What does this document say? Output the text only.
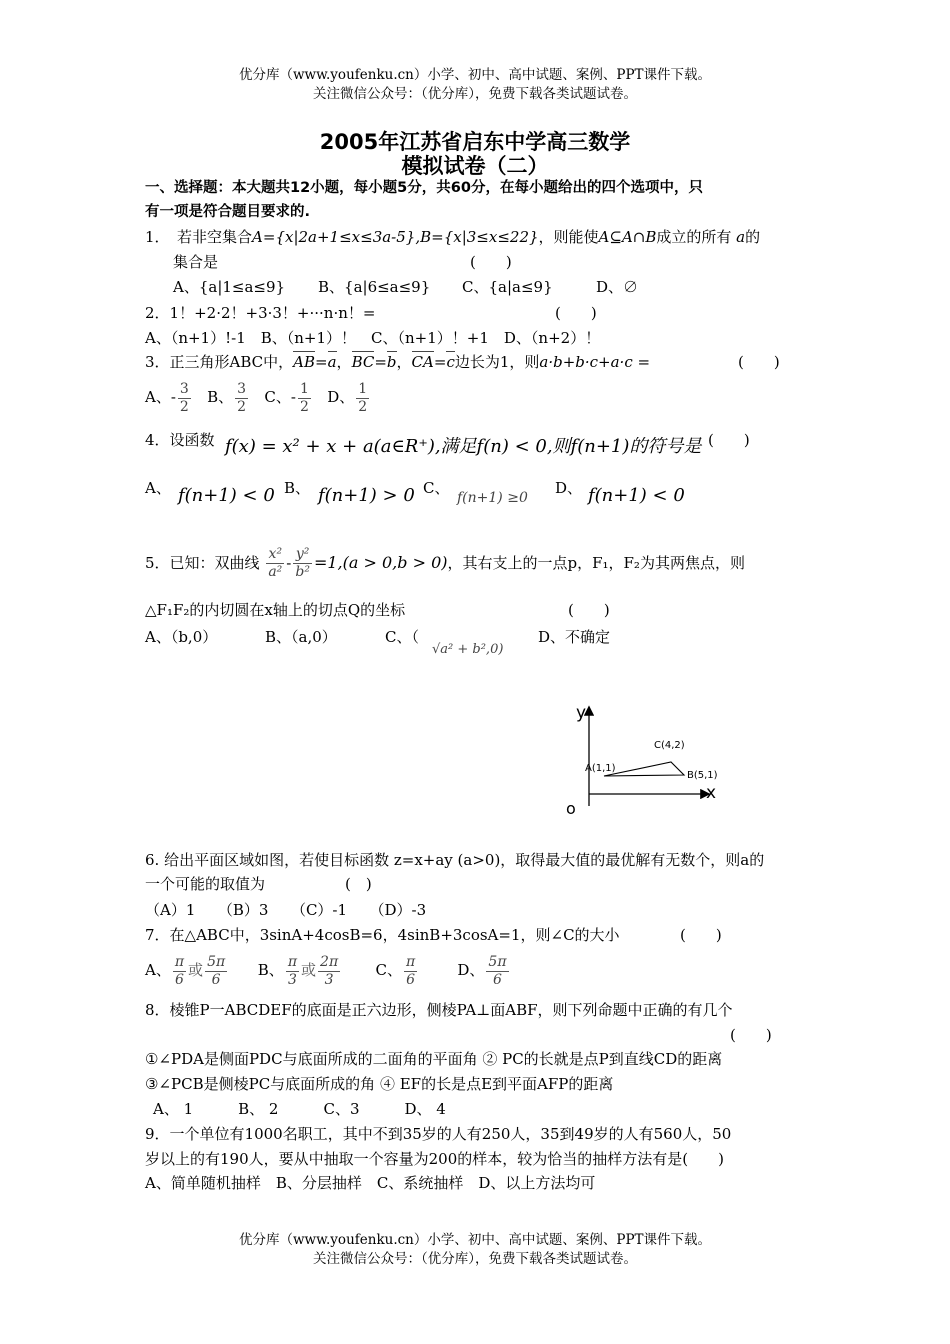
优分库（www.youfenku.cn）小学、初中、高中试题、案例、PPT课件下载。
关注微信公众号：（优分库），免费下载各类试题试卷。
2005年江苏省启东中学高三数学
模拟试卷（二）
一、选择题：本大题共12小题，每小题5分，共60分，在每小题给出的四个选项中，只
有一项是符合题目要求的.
1．　若非空集合A={x|2a+1≤x≤3a-5},B={x|3≤x≤22}，则能使A⊆A∩B成立的所有 a的
集合是	(　　)
A、{a|1≤a≤9} B、{a|6≤a≤9} C、{a|a≤9}	D、∅
2．1！+2·2！+3·3！+···n·n！=	(　　)
A、（n+1）!-1　B、（n+1）！　C、（n+1）！+1　D、（n+2）！
3．正三角形ABC中，AB=a，BC=b，CA=c边长为1，则a·b+b·c+a·c =	(　　)
A、- $\frac{3}{2}$ B、 $\frac{3}{2}$ C、- $\frac{1}{2}$ D、 $\frac{1}{2}$
4．设函数 f(x) = x² + x + a(a∈R⁺),满足f(n) < 0,则f(n+1)的符号是 (　　)
A、 f(n+1) < 0 B、 f(n+1) > 0 C、
f(n+1) ≥0
D、 f(n+1) < 0
5．已知：双曲线 $\frac{\text{x²}}{\text{a²}} - \frac{\text{y²}}{\text{b²}} =1,(a > 0,b > 0)$，其右支上的一点p，F₁，F₂为其两焦点，则
△F₁F₂的内切圆在x轴上的切点Q的坐标	(　　)
A、（b,0）	B、（a,0）	C、（
√a² + b²,0)
D、不确定
y
x
o
A(1,1)
B(5,1)
C(4,2)
6. 给出平面区域如图，若使目标函数 z=x+ay (a>0)，取得最大值的最优解有无数个，则a的
一个可能的取值为	(　)
（A）1　　（B）3　　（C）-1　　（D）-3
7．在△ABC中，3sinA+4cosB=6，4sinB+3cosA=1，则∠C的大小	(　　)
A、 $\frac{\pi}{6}$ 或 $\frac{5\pi}{6}$ B、 $\frac{\pi}{3}$ 或 $\frac{2\pi}{3}$ C、 $\frac{\pi}{6}$	D、 $\frac{5\pi}{6}$
8．棱锥P一ABCDEF的底面是正六边形，侧棱PA⊥面ABF，则下列命题中正确的有几个
(　　)
①∠PDA是侧面PDC与底面所成的二面角的平面角 ② PC的长就是点P到直线CD的距离
③∠PCB是侧棱PC与底面所成的角 ④ EF的长是点E到平面AFP的距离
A、 1　　　B、 2　　　C、3　　　D、 4
9．一个单位有1000名职工，其中不到35岁的人有250人，35到49岁的人有560人，50
岁以上的有190人，要从中抽取一个容量为200的样本，较为恰当的抽样方法有是(　　)
A、简单随机抽样　B、分层抽样　C、系统抽样　D、以上方法均可
优分库（www.youfenku.cn）小学、初中、高中试题、案例、PPT课件下载。
关注微信公众号：（优分库），免费下载各类试题试卷。
